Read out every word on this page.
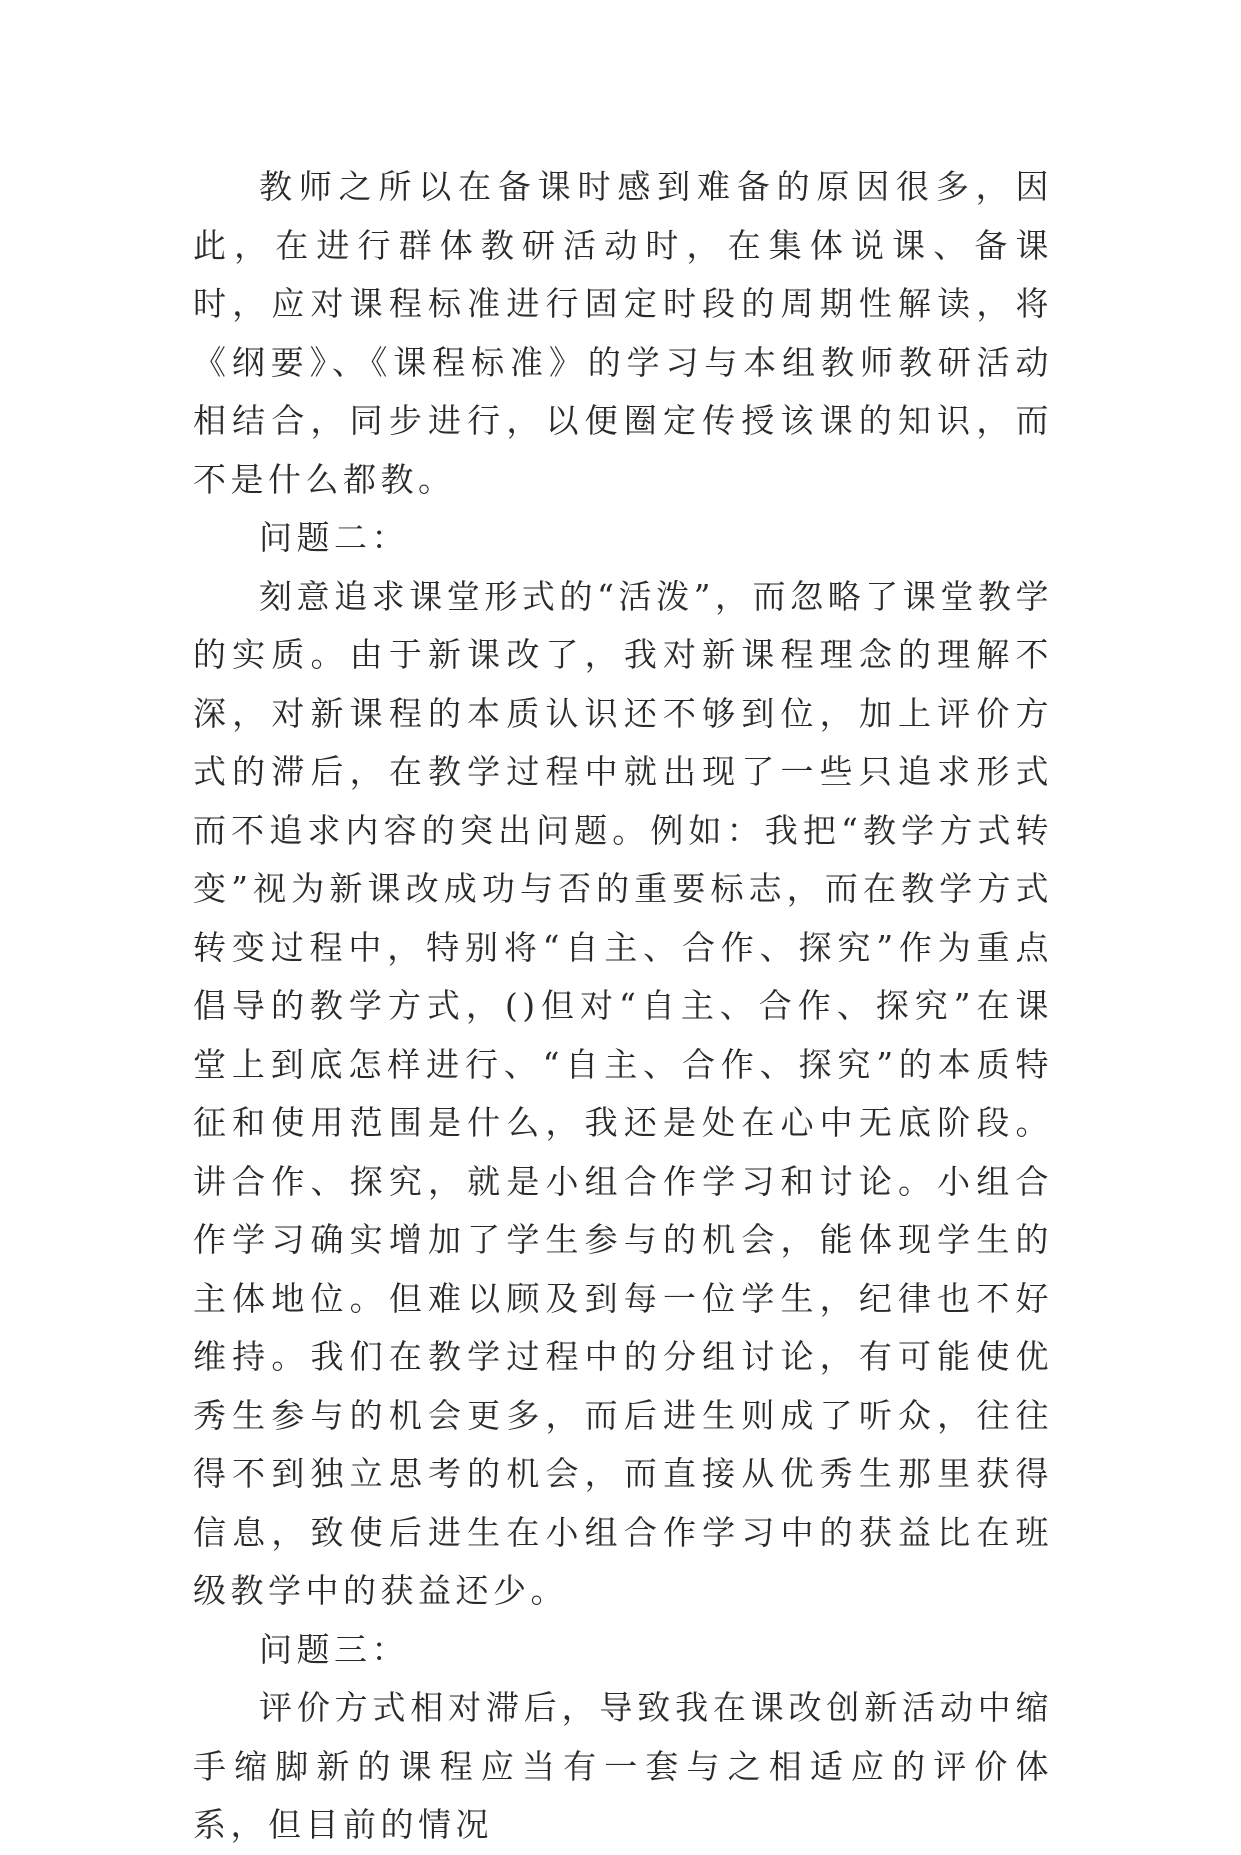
教师之所以在备课时感到难备的原因很多，因此，在进行群体教研活动时，在集体说课、备课时，应对课程标准进行固定时段的周期性解读，将《纲要》、《课程标准》的学习与本组教师教研活动相结合，同步进行，以便圈定传授该课的知识，而不是什么都教。

问题二：

刻意追求课堂形式的“活泼”，而忽略了课堂教学的实质。由于新课改了，我对新课程理念的理解不深，对新课程的本质认识还不够到位，加上评价方式的滞后，在教学过程中就出现了一些只追求形式而不追求内容的突出问题。例如：我把“教学方式转变”视为新课改成功与否的重要标志，而在教学方式转变过程中，特别将“自主、合作、探究”作为重点倡导的教学方式，()但对“自主、合作、探究”在课堂上到底怎样进行、“自主、合作、探究”的本质特征和使用范围是什么，我还是处在心中无底阶段。讲合作、探究，就是小组合作学习和讨论。小组合作学习确实增加了学生参与的机会，能体现学生的主体地位。但难以顾及到每一位学生，纪律也不好维持。我们在教学过程中的分组讨论，有可能使优秀生参与的机会更多，而后进生则成了听众，往往得不到独立思考的机会，而直接从优秀生那里获得信息，致使后进生在小组合作学习中的获益比在班级教学中的获益还少。

问题三：

评价方式相对滞后，导致我在课改创新活动中缩手缩脚新的课程应当有一套与之相适应的评价体系，但目前的情况
